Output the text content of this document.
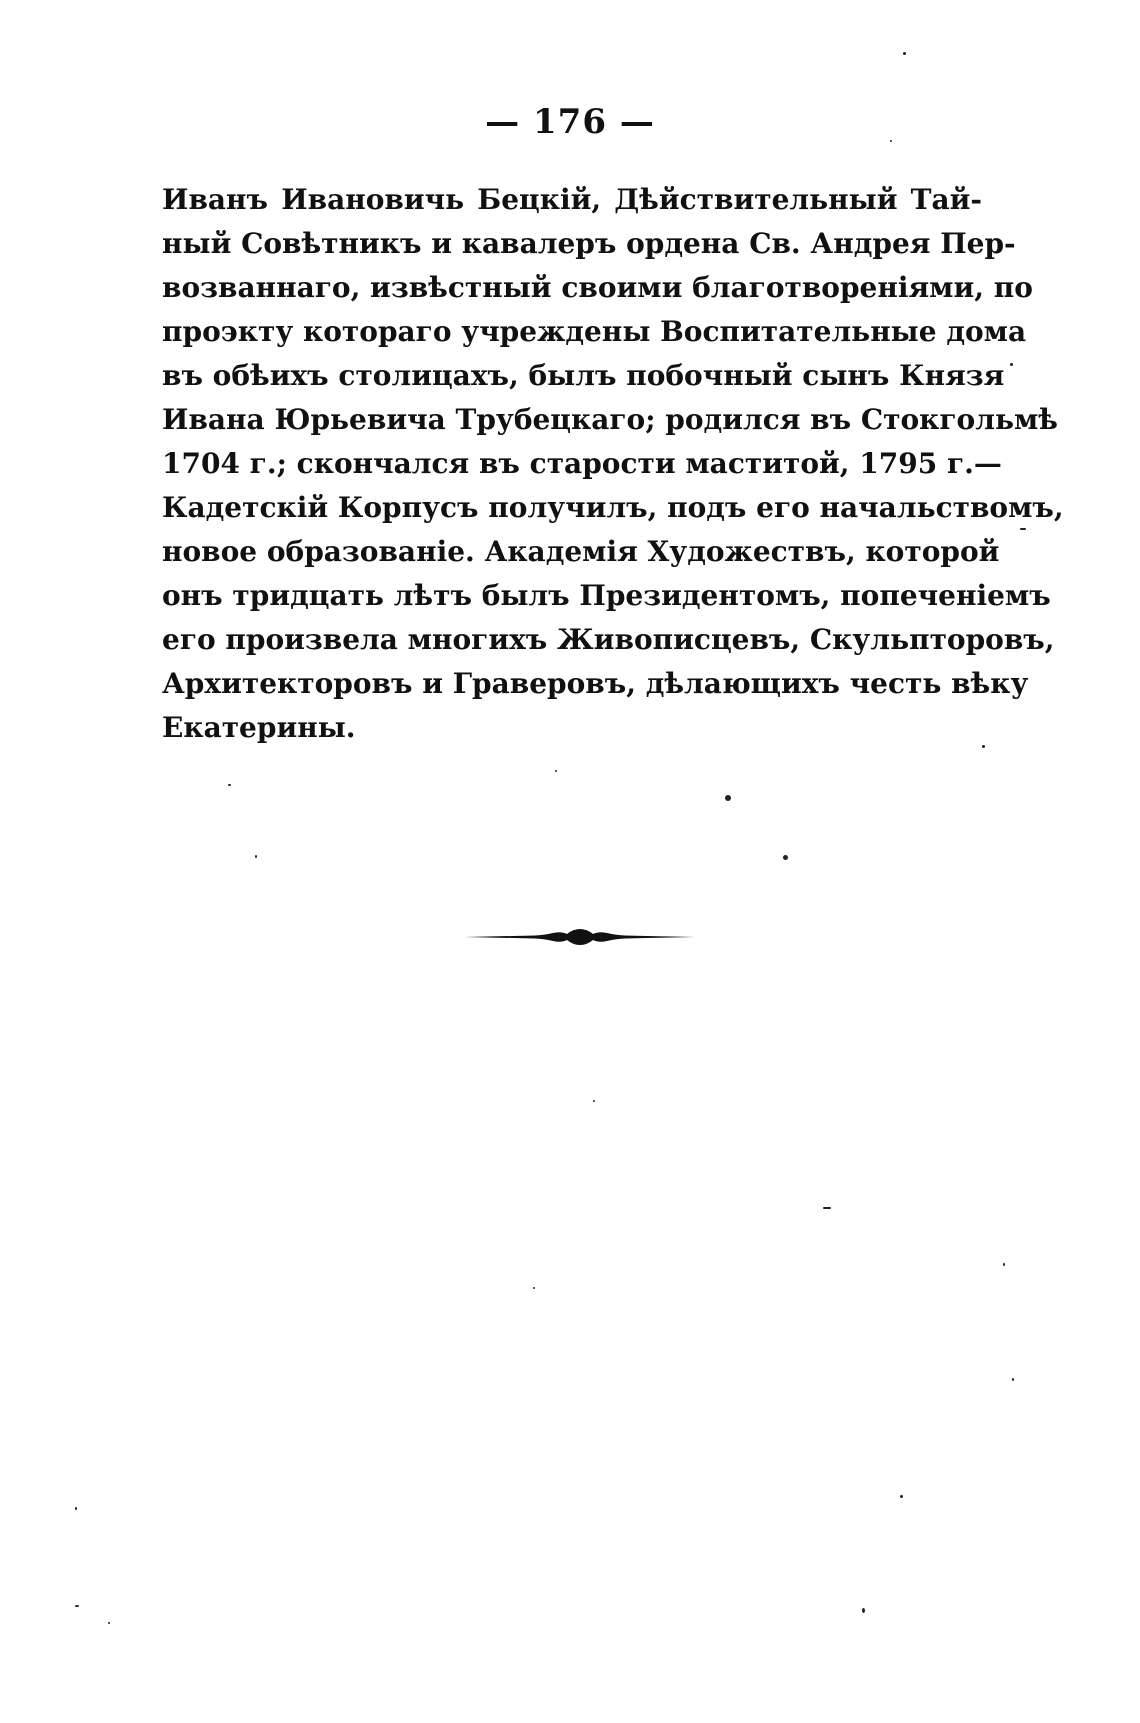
— 176 —
Иванъ Ивановичь Бецкій, Дѣйствительный Тай-
ный Совѣтникъ и кавалеръ ордена Св. Андрея Пер-
возваннаго, извѣстный своими благотвореніями, по
проэкту котораго учреждены Воспитательные дома
въ обѣихъ столицахъ, былъ побочный сынъ Князя
Ивана Юрьевича Трубецкаго; родился въ Стокгольмѣ
1704 г.; скончался въ старости маститой, 1795 г.—
Кадетскій Корпусъ получилъ, подъ его начальствомъ,
новое образованіе. Академія Художествъ, которой
онъ тридцать лѣтъ былъ Президентомъ, попеченіемъ
его произвела многихъ Живописцевъ, Скульпторовъ,
Архитекторовъ и Граверовъ, дѣлающихъ честь вѣку
Екатерины.
